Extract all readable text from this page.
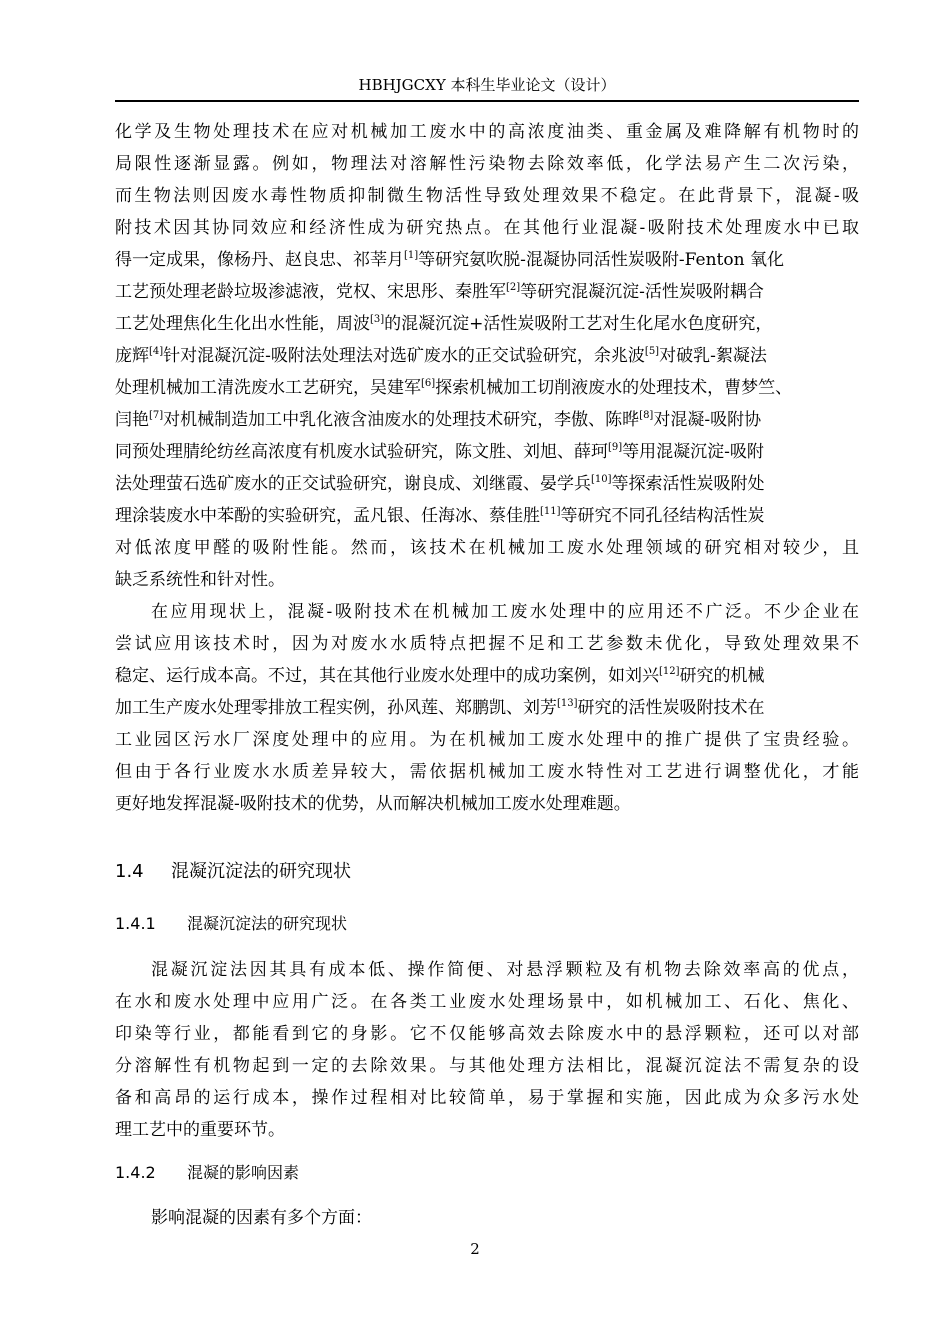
HBHJGCXY 本科生毕业论文（设计）
化学及生物处理技术在应对机械加工废水中的高浓度油类、重金属及难降解有机物时的
局限性逐渐显露。例如，物理法对溶解性污染物去除效率低，化学法易产生二次污染，
而生物法则因废水毒性物质抑制微生物活性导致处理效果不稳定。在此背景下，混凝-吸
附技术因其协同效应和经济性成为研究热点。在其他行业混凝-吸附技术处理废水中已取
得一定成果，像杨丹、赵良忠、祁莘月[1]等研究氨吹脱-混凝协同活性炭吸附-Fenton 氧化
工艺预处理老龄垃圾渗滤液，党权、宋思彤、秦胜军[2]等研究混凝沉淀-活性炭吸附耦合
工艺处理焦化生化出水性能，周波[3]的混凝沉淀+活性炭吸附工艺对生化尾水色度研究，
庞辉[4]针对混凝沉淀-吸附法处理法对选矿废水的正交试验研究，余兆波[5]对破乳-絮凝法
处理机械加工清洗废水工艺研究，吴建军[6]探索机械加工切削液废水的处理技术，曹梦竺、
闫艳[7]对机械制造加工中乳化液含油废水的处理技术研究，李傲、陈晔[8]对混凝-吸附协
同预处理腈纶纺丝高浓度有机废水试验研究，陈文胜、刘旭、薛珂[9]等用混凝沉淀-吸附
法处理萤石选矿废水的正交试验研究，谢良成、刘继霞、晏学兵[10]等探索活性炭吸附处
理涂装废水中苯酚的实验研究，孟凡银、任海冰、蔡佳胜[11]等研究不同孔径结构活性炭
对低浓度甲醛的吸附性能。然而，该技术在机械加工废水处理领域的研究相对较少，且
缺乏系统性和针对性。
在应用现状上，混凝-吸附技术在机械加工废水处理中的应用还不广泛。不少企业在
尝试应用该技术时，因为对废水水质特点把握不足和工艺参数未优化，导致处理效果不
稳定、运行成本高。不过，其在其他行业废水处理中的成功案例，如刘兴[12]研究的机械
加工生产废水处理零排放工程实例，孙风莲、郑鹏凯、刘芳[13]研究的活性炭吸附技术在
工业园区污水厂深度处理中的应用。为在机械加工废水处理中的推广提供了宝贵经验。
但由于各行业废水水质差异较大，需依据机械加工废水特性对工艺进行调整优化，才能
更好地发挥混凝-吸附技术的优势，从而解决机械加工废水处理难题。
1.4 混凝沉淀法的研究现状
1.4.1 混凝沉淀法的研究现状
混凝沉淀法因其具有成本低、操作简便、对悬浮颗粒及有机物去除效率高的优点，
在水和废水处理中应用广泛。在各类工业废水处理场景中，如机械加工、石化、焦化、
印染等行业，都能看到它的身影。它不仅能够高效去除废水中的悬浮颗粒，还可以对部
分溶解性有机物起到一定的去除效果。与其他处理方法相比，混凝沉淀法不需复杂的设
备和高昂的运行成本，操作过程相对比较简单，易于掌握和实施，因此成为众多污水处
理工艺中的重要环节。
1.4.2 混凝的影响因素
影响混凝的因素有多个方面：
2
